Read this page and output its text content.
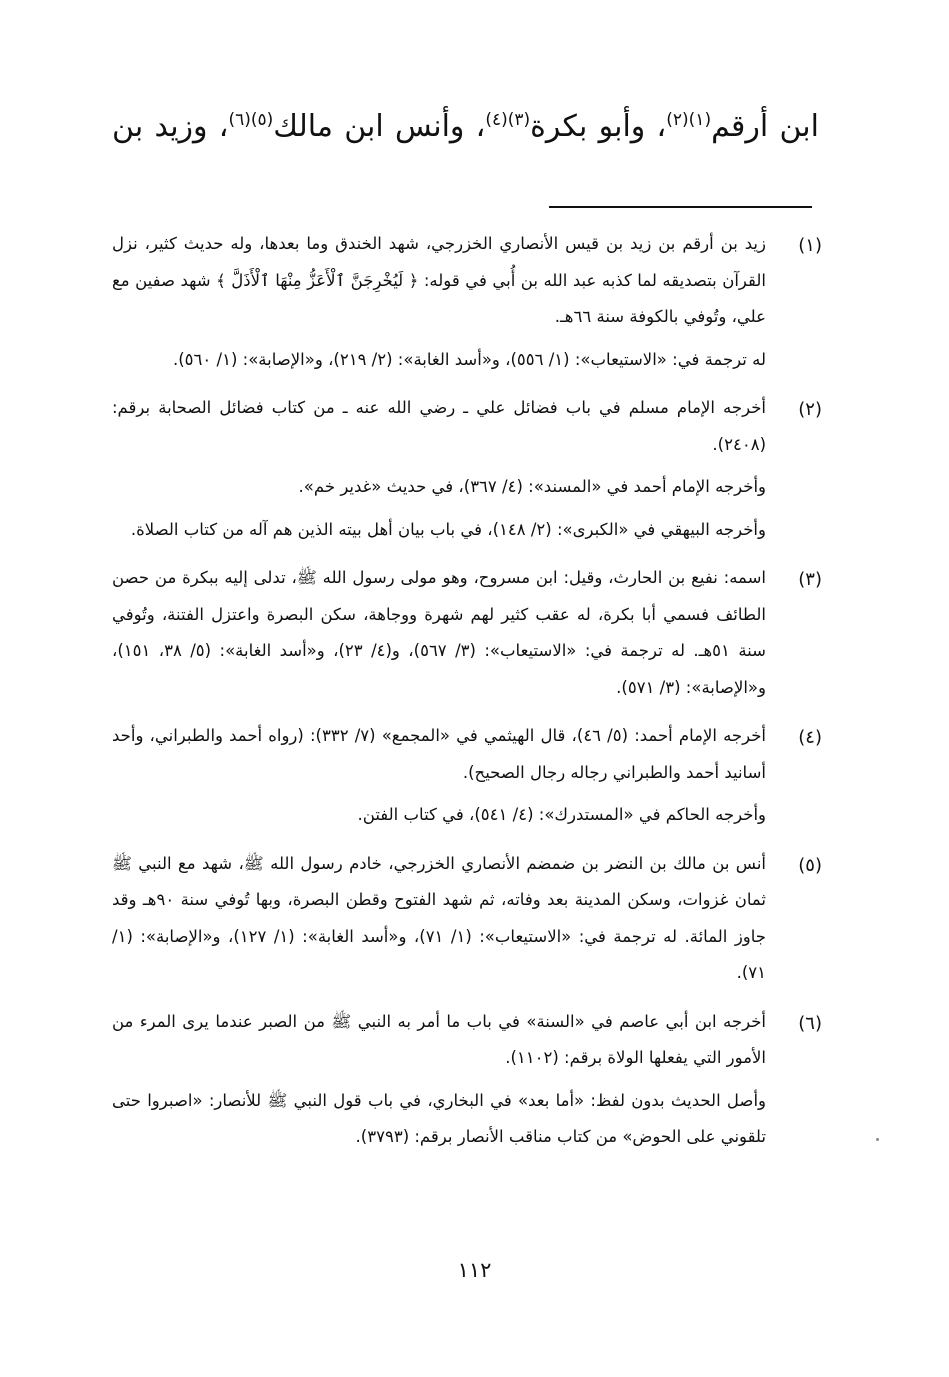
ابن أرقم$^{(١)(٢)}$، وأبو بكرة$^{(٣)(٤)}$، وأنس ابن مالك$^{(٥)(٦)}$، وزيد بن
(١)

زيد بن أرقم بن زيد بن قيس الأنصاري الخزرجي، شهد الخندق وما بعدها، وله حديث كثير، نزل القرآن بتصديقه لما كذبه عبد الله بن أُبي في قوله: ﴿ لَيُخْرِجَنَّ ٱلْأَعَزُّ مِنْهَا ٱلْأَذَلَّ ﴾ شهد صفين مع علي، وتُوفي بالكوفة سنة ٦٦هـ.

له ترجمة في: «الاستيعاب»: (١/ ٥٥٦)، و«أسد الغابة»: (٢/ ٢١٩)، و«الإصابة»: (١/ ٥٦٠).

(٢)

أخرجه الإمام مسلم في باب فضائل علي ـ رضي الله عنه ـ من كتاب فضائل الصحابة برقم: (٢٤٠٨).

وأخرجه الإمام أحمد في «المسند»: (٤/ ٣٦٧)، في حديث «غدير خم».

وأخرجه البيهقي في «الكبرى»: (٢/ ١٤٨)، في باب بيان أهل بيته الذين هم آله من كتاب الصلاة.

(٣)

اسمه: نفيع بن الحارث، وقيل: ابن مسروح، وهو مولى رسول الله ﷺ، تدلى إليه ببكرة من حصن الطائف فسمي أبا بكرة، له عقب كثير لهم شهرة ووجاهة، سكن البصرة واعتزل الفتنة، وتُوفي سنة ٥١هـ. له ترجمة في: «الاستيعاب»: (٣/ ٥٦٧)، و(٤/ ٢٣)، و«أسد الغابة»: (٥/ ٣٨، ١٥١)، و«الإصابة»: (٣/ ٥٧١).

(٤)

أخرجه الإمام أحمد: (٥/ ٤٦)، قال الهيثمي في «المجمع» (٧/ ٣٣٢): (رواه أحمد والطبراني، وأحد أسانيد أحمد والطبراني رجاله رجال الصحيح).

وأخرجه الحاكم في «المستدرك»: (٤/ ٥٤١)، في كتاب الفتن.

(٥)

أنس بن مالك بن النضر بن ضمضم الأنصاري الخزرجي، خادم رسول الله ﷺ، شهد مع النبي ﷺ ثمان غزوات، وسكن المدينة بعد وفاته، ثم شهد الفتوح وقطن البصرة، وبها تُوفي سنة ٩٠هـ وقد جاوز المائة. له ترجمة في: «الاستيعاب»: (١/ ٧١)، و«أسد الغابة»: (١/ ١٢٧)، و«الإصابة»: (١/ ٧١).

(٦)

أخرجه ابن أبي عاصم في «السنة» في باب ما أمر به النبي ﷺ من الصبر عندما يرى المرء من الأمور التي يفعلها الولاة برقم: (١١٠٢).

وأصل الحديث بدون لفظ: «أما بعد» في البخاري، في باب قول النبي ﷺ للأنصار: «اصبروا حتى تلقوني على الحوض» من كتاب مناقب الأنصار برقم: (٣٧٩٣).

١١٢
